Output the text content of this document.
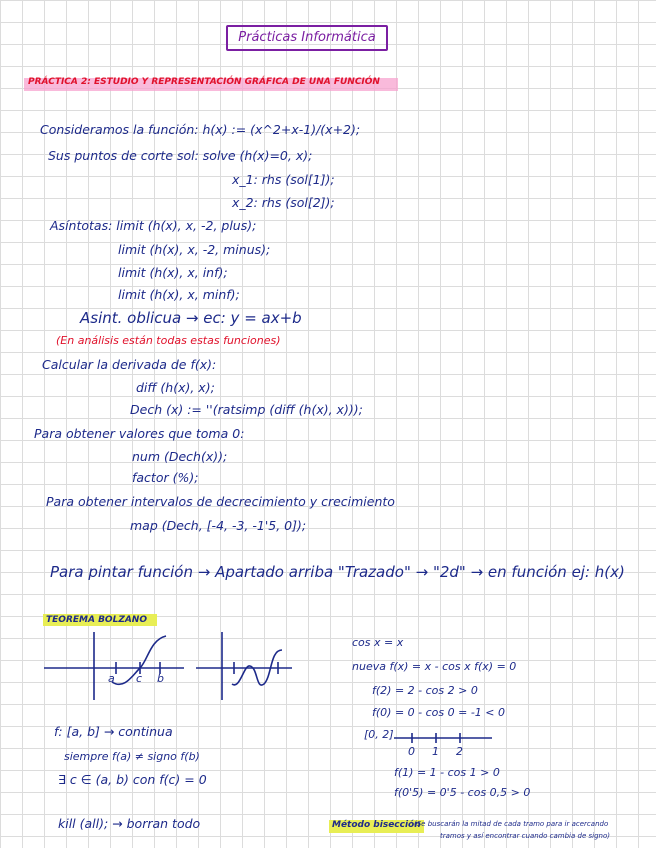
Prácticas Informática
PRÁCTICA 2: ESTUDIO Y REPRESENTACIÓN GRÁFICA DE UNA FUNCIÓN
Consideramos la función: h(x) := (x^2+x-1)/(x+2);
Sus puntos de corte sol: solve (h(x)=0, x);
x_1: rhs (sol[1]);
x_2: rhs (sol[2]);
Asíntotas: limit (h(x), x, -2, plus);
limit (h(x), x, -2, minus);
limit (h(x), x, inf);
limit (h(x), x, minf);
Asint. oblicua → ec: y = ax+b
(En análisis están todas estas funciones)
Calcular la derivada de f(x):
diff (h(x), x);
Dech (x) := ''(ratsimp (diff (h(x), x)));
Para obtener valores que toma 0:
num (Dech(x));
factor (%);
Para obtener intervalos de decrecimiento y crecimiento
map (Dech, [-4, -3, -1'5, 0]);
Para pintar función → Apartado arriba "Trazado" → "2d" → en función ej: h(x)
TEOREMA BOLZANO
a c b
f: [a, b] → continua
siempre f(a) ≠ signo f(b)
∃ c ∈ (a, b) con f(c) = 0
cos x = x
nueva f(x) = x - cos x f(x) = 0
f(2) = 2 - cos 2 > 0
f(0) = 0 - cos 0 = -1 < 0
[0, 2]
0 1 2
f(1) = 1 - cos 1 > 0
f(0'5) = 0'5 - cos 0,5 > 0
kill (all); → borran todo	Método bisección
(Se buscarán la mitad de cada tramo para ir acercando
tramos y así encontrar cuando cambia de signo)
